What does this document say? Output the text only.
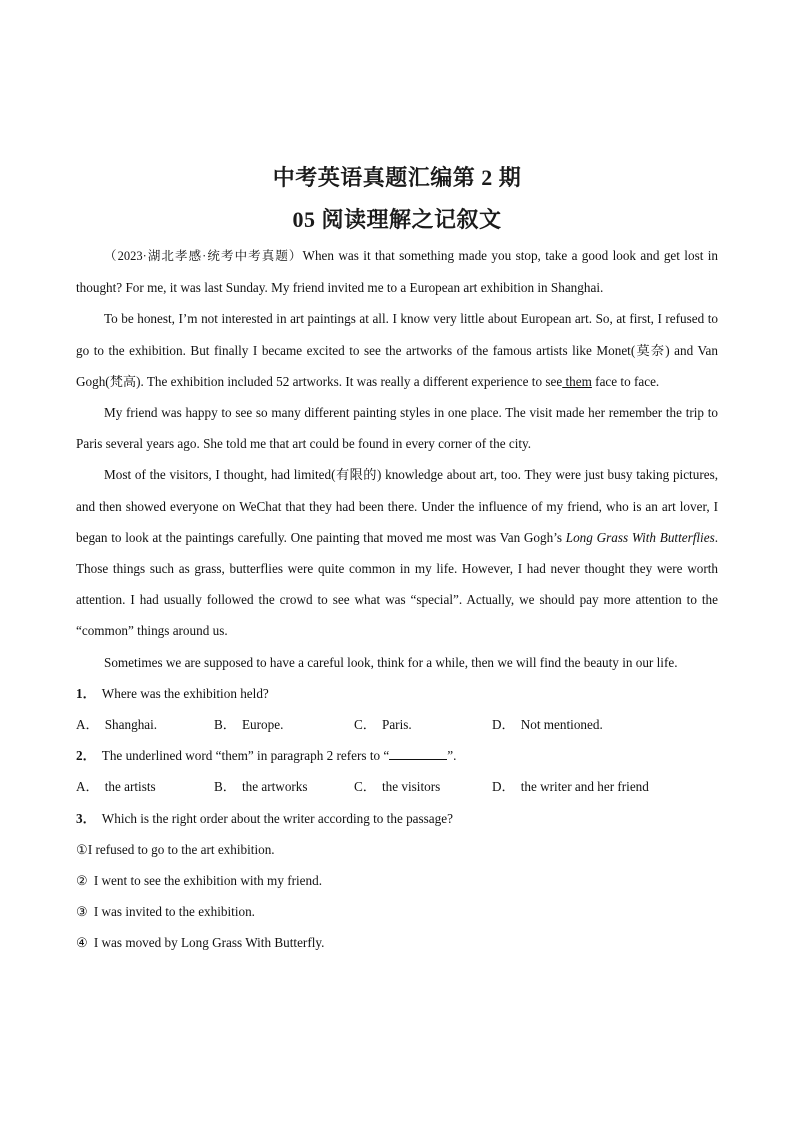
中考英语真题汇编第 2 期
05 阅读理解之记叙文

（2023·湖北孝感·统考中考真题）When was it that something made you stop, take a good look and get lost in thought? For me, it was last Sunday. My friend invited me to a European art exhibition in Shanghai.

To be honest, I’m not interested in art paintings at all. I know very little about European art. So, at first, I refused to go to the exhibition. But finally I became excited to see the artworks of the famous artists like Monet(莫奈) and Van Gogh(梵高). The exhibition included 52 artworks. It was really a different experience to see them face to face.

My friend was happy to see so many different painting styles in one place. The visit made her remember the trip to Paris several years ago. She told me that art could be found in every corner of the city.

Most of the visitors, I thought, had limited(有限的) knowledge about art, too. They were just busy taking pictures, and then showed everyone on WeChat that they had been there. Under the influence of my friend, who is an art lover, I began to look at the paintings carefully. One painting that moved me most was Van Gogh’s Long Grass With Butterflies. Those things such as grass, butterflies were quite common in my life. However, I had never thought they were worth attention. I had usually followed the crowd to see what was “special”. Actually, we should pay more attention to the “common” things around us.

Sometimes we are supposed to have a careful look, think for a while, then we will find the beauty in our life.

1． Where was the exhibition held?

A． Shanghai.	B． Europe.	C． Paris.	D． Not mentioned.

2． The underlined word “them” in paragraph 2 refers to “	”.

A． the artists	B． the artworks	C． the visitors	D． the writer and her friend

3． Which is the right order about the writer according to the passage?

①I refused to go to the art exhibition.

② I went to see the exhibition with my friend.

③ I was invited to the exhibition.

④ I was moved by Long Grass With Butterfly.
